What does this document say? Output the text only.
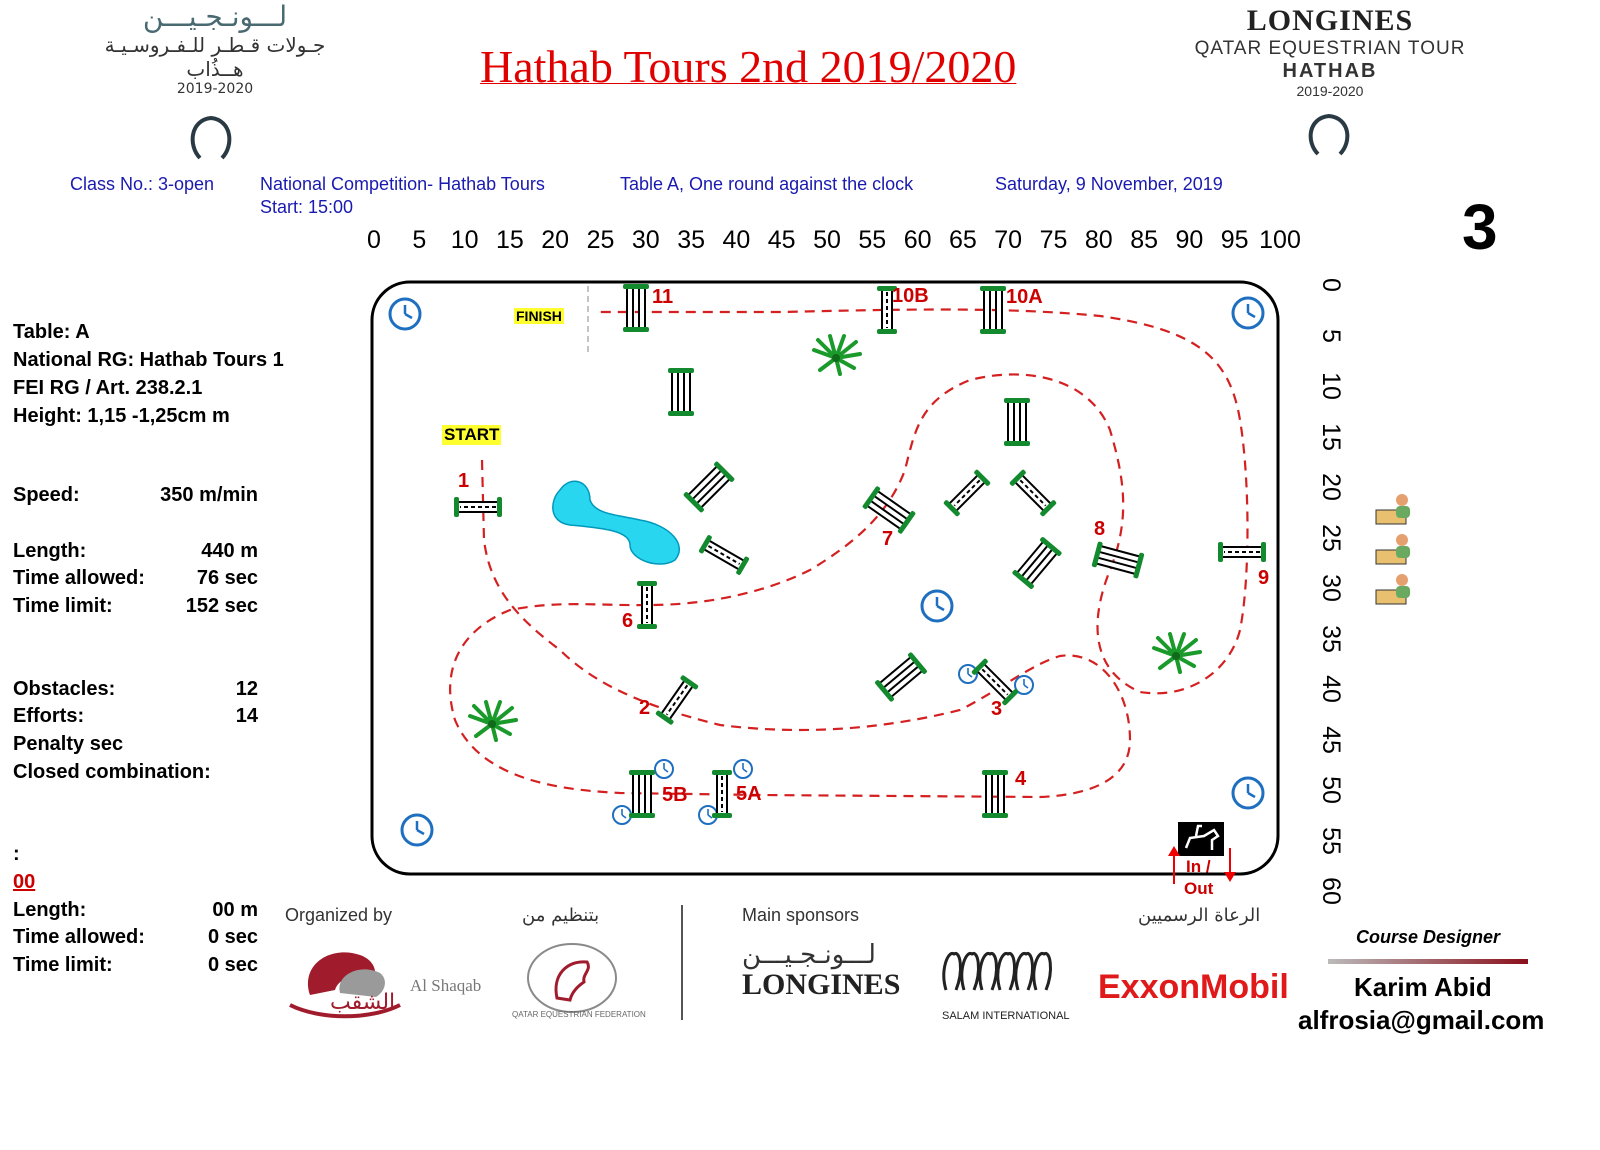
لـــونـجـيـــن
جـولات قـطـر للـفـروسـيـة
هــذُاب
2019-2020	Hathab Tours 2nd 2019/2020
LONGINES
QATAR EQUESTRIAN TOUR
HATHAB
2019-2020
Class No.: 3-open	National Competition- Hathab Tours
Start: 15:00
Table A, One round against the clock	Saturday, 9 November, 2019
3
0	5 10 15 20 25 30 35 40 45 50 55 60 65 70 75 80 85 90 95 100
0
5
10
15
20
25
30
35
40
45
50
55
60
Table: A
National RG: Hathab Tours 1
FEI RG / Art. 238.2.1
Height: 1,15 -1,25cm m
Speed:	350 m/min
Length:	440 m
Time allowed:	76 sec
Time limit:	152 sec
Obstacles:	12
Efforts:	14
Penalty sec
Closed combination:
:
00
Length:	00 m
Time allowed:	0 sec
Time limit:	0 sec
START
FINISH
In /
Out
1
2	3
4
5A
5B
6
7	8
9
10A
10B
11
Organized by	بتنظيم من
الشقب
Al Shaqab
QATAR EQUESTRIAN FEDERATION
Main sponsors	الرعاة الرسميين
لـــونـجـيـــن
LONGINES
SALAM INTERNATIONAL
ExxonMobil
Course Designer
Karim Abid
alfrosia@gmail.com
